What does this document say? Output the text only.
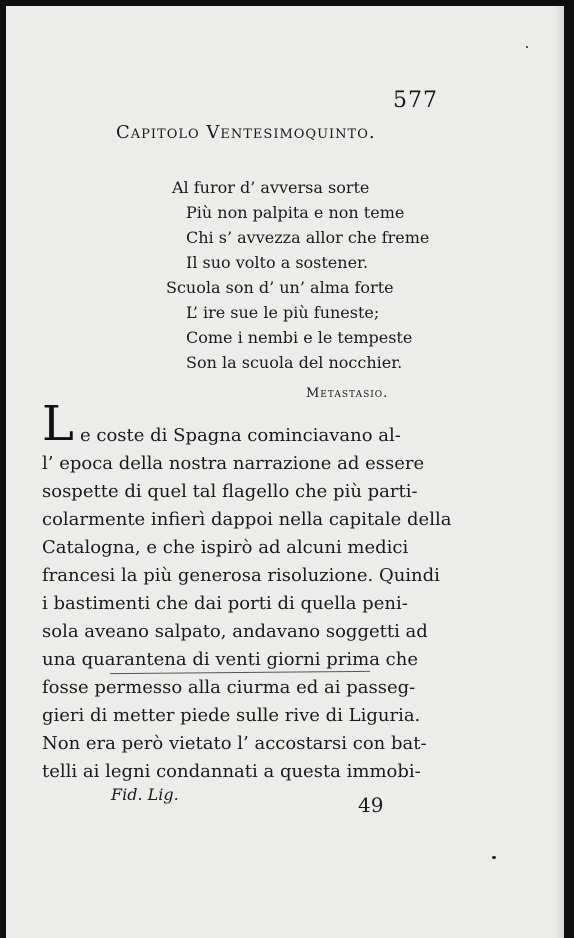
577
Capitolo Ventesimoquinto.
Al furor d’ avversa sorte
Più non palpita e non teme
Chi s’ avvezza allor che freme
Il suo volto a sostener.
Scuola son d’ un’ alma forte
L’ ire sue le più funeste;
Come i nembi e le tempeste
Son la scuola del nocchier.
Metastasio.
L e coste di Spagna cominciavano al-
l’ epoca della nostra narrazione ad essere
sospette di quel tal flagello che più parti-
colarmente infierì dappoi nella capitale della
Catalogna, e che ispirò ad alcuni medici
francesi la più generosa risoluzione. Quindi
i bastimenti che dai porti di quella peni-
sola aveano salpato, andavano soggetti ad
una quarantena di venti giorni prima che
fosse permesso alla ciurma ed ai passeg-
gieri di metter piede sulle rive di Liguria.
Non era però vietato l’ accostarsi con bat-
telli ai legni condannati a questa immobi-
Fid. Lig.	49
